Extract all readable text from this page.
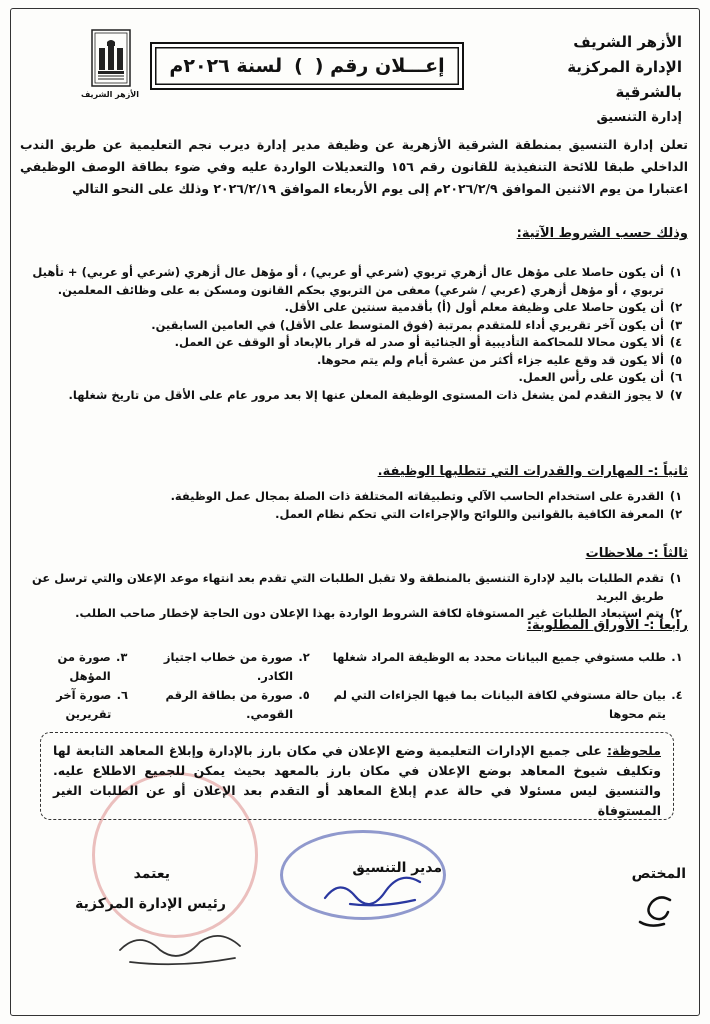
الأزهر الشريف
الإدارة المركزية بالشرقية
إدارة التنسيق
الأزهر الشريف
إعـــلان رقم (
)
لسنة ٢٠٢٦م

تعلن إدارة التنسيق بمنطقة الشرقية الأزهرية عن وظيفة مدير إدارة ديرب نجم التعليمية عن طريق الندب الداخلي طبقا للائحة التنفيذية للقانون رقم ١٥٦ والتعديلات الواردة عليه وفي ضوء بطاقة الوصف الوظيفي اعتبارا من يوم الاثنين الموافق ٢٠٢٦/٢/٩م إلى يوم الأربعاء الموافق ٢٠٢٦/٢/١٩ وذلك على النحو التالي

وذلك حسب الشروط الآتية:
١)
أن يكون حاصلا على مؤهل عال أزهري تربوي (شرعي أو عربي) ، أو مؤهل عال أزهري (شرعي أو عربي) + تأهيل تربوي ، أو مؤهل أزهري (عربي / شرعي) معفى من التربوي بحكم القانون ومسكن به على وظائف المعلمين.
٢)
أن يكون حاصلا على وظيفة معلم أول (أ) بأقدمية سنتين على الأقل.
٣)
أن يكون آخر تقريري أداء للمتقدم بمرتبة (فوق المتوسط على الأقل) في العامين السابقين.
٤)
ألا يكون محالا للمحاكمة التأديبية أو الجنائية أو صدر له قرار بالإبعاد أو الوقف عن العمل.
٥)
ألا يكون قد وقع عليه جزاء أكثر من عشرة أيام ولم يتم محوها.
٦)
أن يكون على رأس العمل.
٧)
لا يجوز التقدم لمن يشغل ذات المستوى الوظيفة المعلن عنها إلا بعد مرور عام على الأقل من تاريخ شغلها.
ثانياً :- المهارات والقدرات التي تتطلبها الوظيفة.
١)
القدرة على استخدام الحاسب الآلي وتطبيقاته المختلفة ذات الصلة بمجال عمل الوظيفة.
٢)
المعرفة الكافية بالقوانين واللوائح والإجراءات التي تحكم نظام العمل.
ثالثاً :- ملاحظات
١)
تقدم الطلبات باليد لإدارة التنسيق بالمنطقة ولا تقبل الطلبات التي تقدم بعد انتهاء موعد الإعلان والتي ترسل عن طريق البريد
٢)
يتم استبعاد الطلبات غير المستوفاة لكافة الشروط الواردة بهذا الإعلان دون الحاجة لإخطار صاحب الطلب.
رابعاً :- الأوراق المطلوبة:
١.
طلب مستوفي جميع البيانات محدد به الوظيفة المراد شغلها
٢.
صورة من خطاب اجتياز الكادر.
٣.
صورة من المؤهل
٤.
بيان حالة مستوفي لكافة البيانات بما فيها الجزاءات التي لم يتم محوها
٥.
صورة من بطاقة الرقم القومي.
٦.
صورة آخر تقريرين
ملحوظة: على جميع الإدارات التعليمية وضع الإعلان في مكان بارز بالإدارة وإبلاغ المعاهد التابعة لها وتكليف شيوخ المعاهد بوضع الإعلان في مكان بارز بالمعهد بحيث يمكن للجميع الاطلاع عليه. والتنسيق ليس مسئولا في حالة عدم إبلاغ المعاهد أو التقدم بعد الإعلان أو عن الطلبات الغير المستوفاة
المختص
مدير التنسيق
يعتمد
رئيس الإدارة المركزية
